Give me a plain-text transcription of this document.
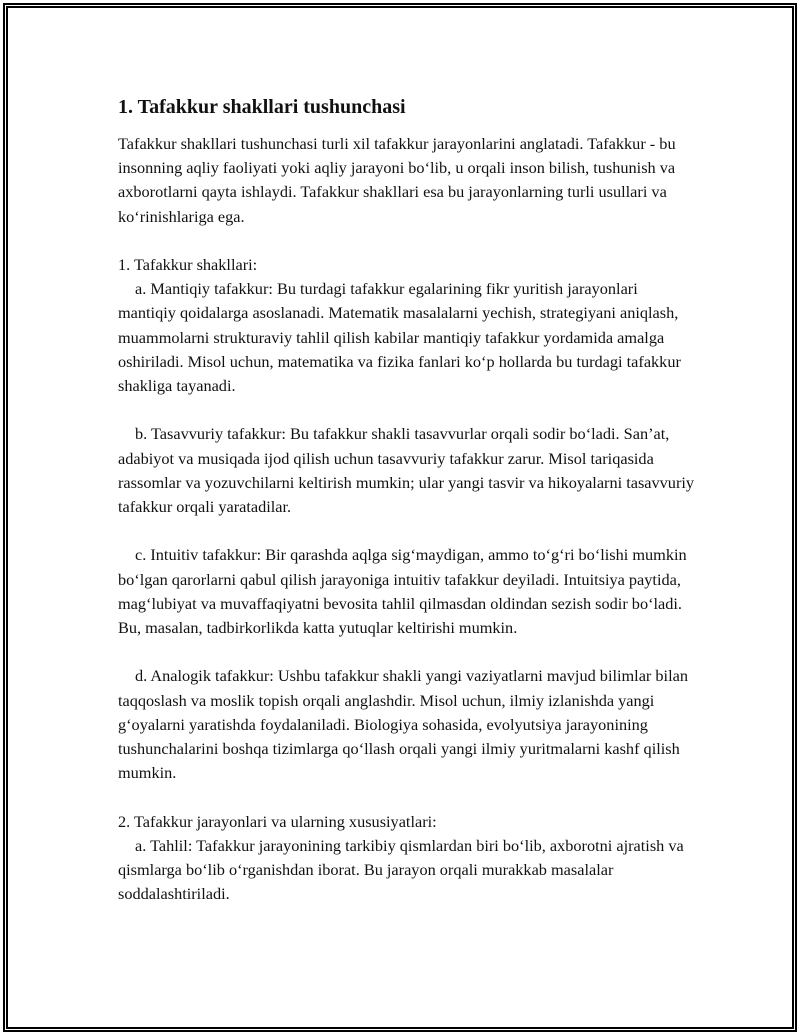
1. Tafakkur shakllari tushunchasi

Tafakkur shakllari tushunchasi turli xil tafakkur jarayonlarini anglatadi. Tafakkur - bu insonning aqliy faoliyati yoki aqliy jarayoni boʻlib, u orqali inson bilish, tushunish va axborotlarni qayta ishlaydi. Tafakkur shakllari esa bu jarayonlarning turli usullari va koʻrinishlariga ega.

1. Tafakkur shakllari:

a. Mantiqiy tafakkur: Bu turdagi tafakkur egalarining fikr yuritish jarayonlari mantiqiy qoidalarga asoslanadi. Matematik masalalarni yechish, strategiyani aniqlash, muammolarni strukturaviy tahlil qilish kabilar mantiqiy tafakkur yordamida amalga oshiriladi. Misol uchun, matematika va fizika fanlari koʻp hollarda bu turdagi tafakkur shakliga tayanadi.

b. Tasavvuriy tafakkur: Bu tafakkur shakli tasavvurlar orqali sodir boʻladi. Sanʼat, adabiyot va musiqada ijod qilish uchun tasavvuriy tafakkur zarur. Misol tariqasida rassomlar va yozuvchilarni keltirish mumkin; ular yangi tasvir va hikoyalarni tasavvuriy tafakkur orqali yaratadilar.

c. Intuitiv tafakkur: Bir qarashda aqlga sigʻmaydigan, ammo toʻgʻri boʻlishi mumkin boʻlgan qarorlarni qabul qilish jarayoniga intuitiv tafakkur deyiladi. Intuitsiya paytida, magʻlubiyat va muvaffaqiyatni bevosita tahlil qilmasdan oldindan sezish sodir boʻladi. Bu, masalan, tadbirkorlikda katta yutuqlar keltirishi mumkin.

d. Analogik tafakkur: Ushbu tafakkur shakli yangi vaziyatlarni mavjud bilimlar bilan taqqoslash va moslik topish orqali anglashdir. Misol uchun, ilmiy izlanishda yangi gʻoyalarni yaratishda foydalaniladi. Biologiya sohasida, evolyutsiya jarayonining tushunchalarini boshqa tizimlarga qoʻllash orqali yangi ilmiy yuritmalarni kashf qilish mumkin.

2. Tafakkur jarayonlari va ularning xususiyatlari:

a. Tahlil: Tafakkur jarayonining tarkibiy qismlardan biri boʻlib, axborotni ajratish va qismlarga boʻlib oʻrganishdan iborat. Bu jarayon orqali murakkab masalalar soddalashtiriladi.
